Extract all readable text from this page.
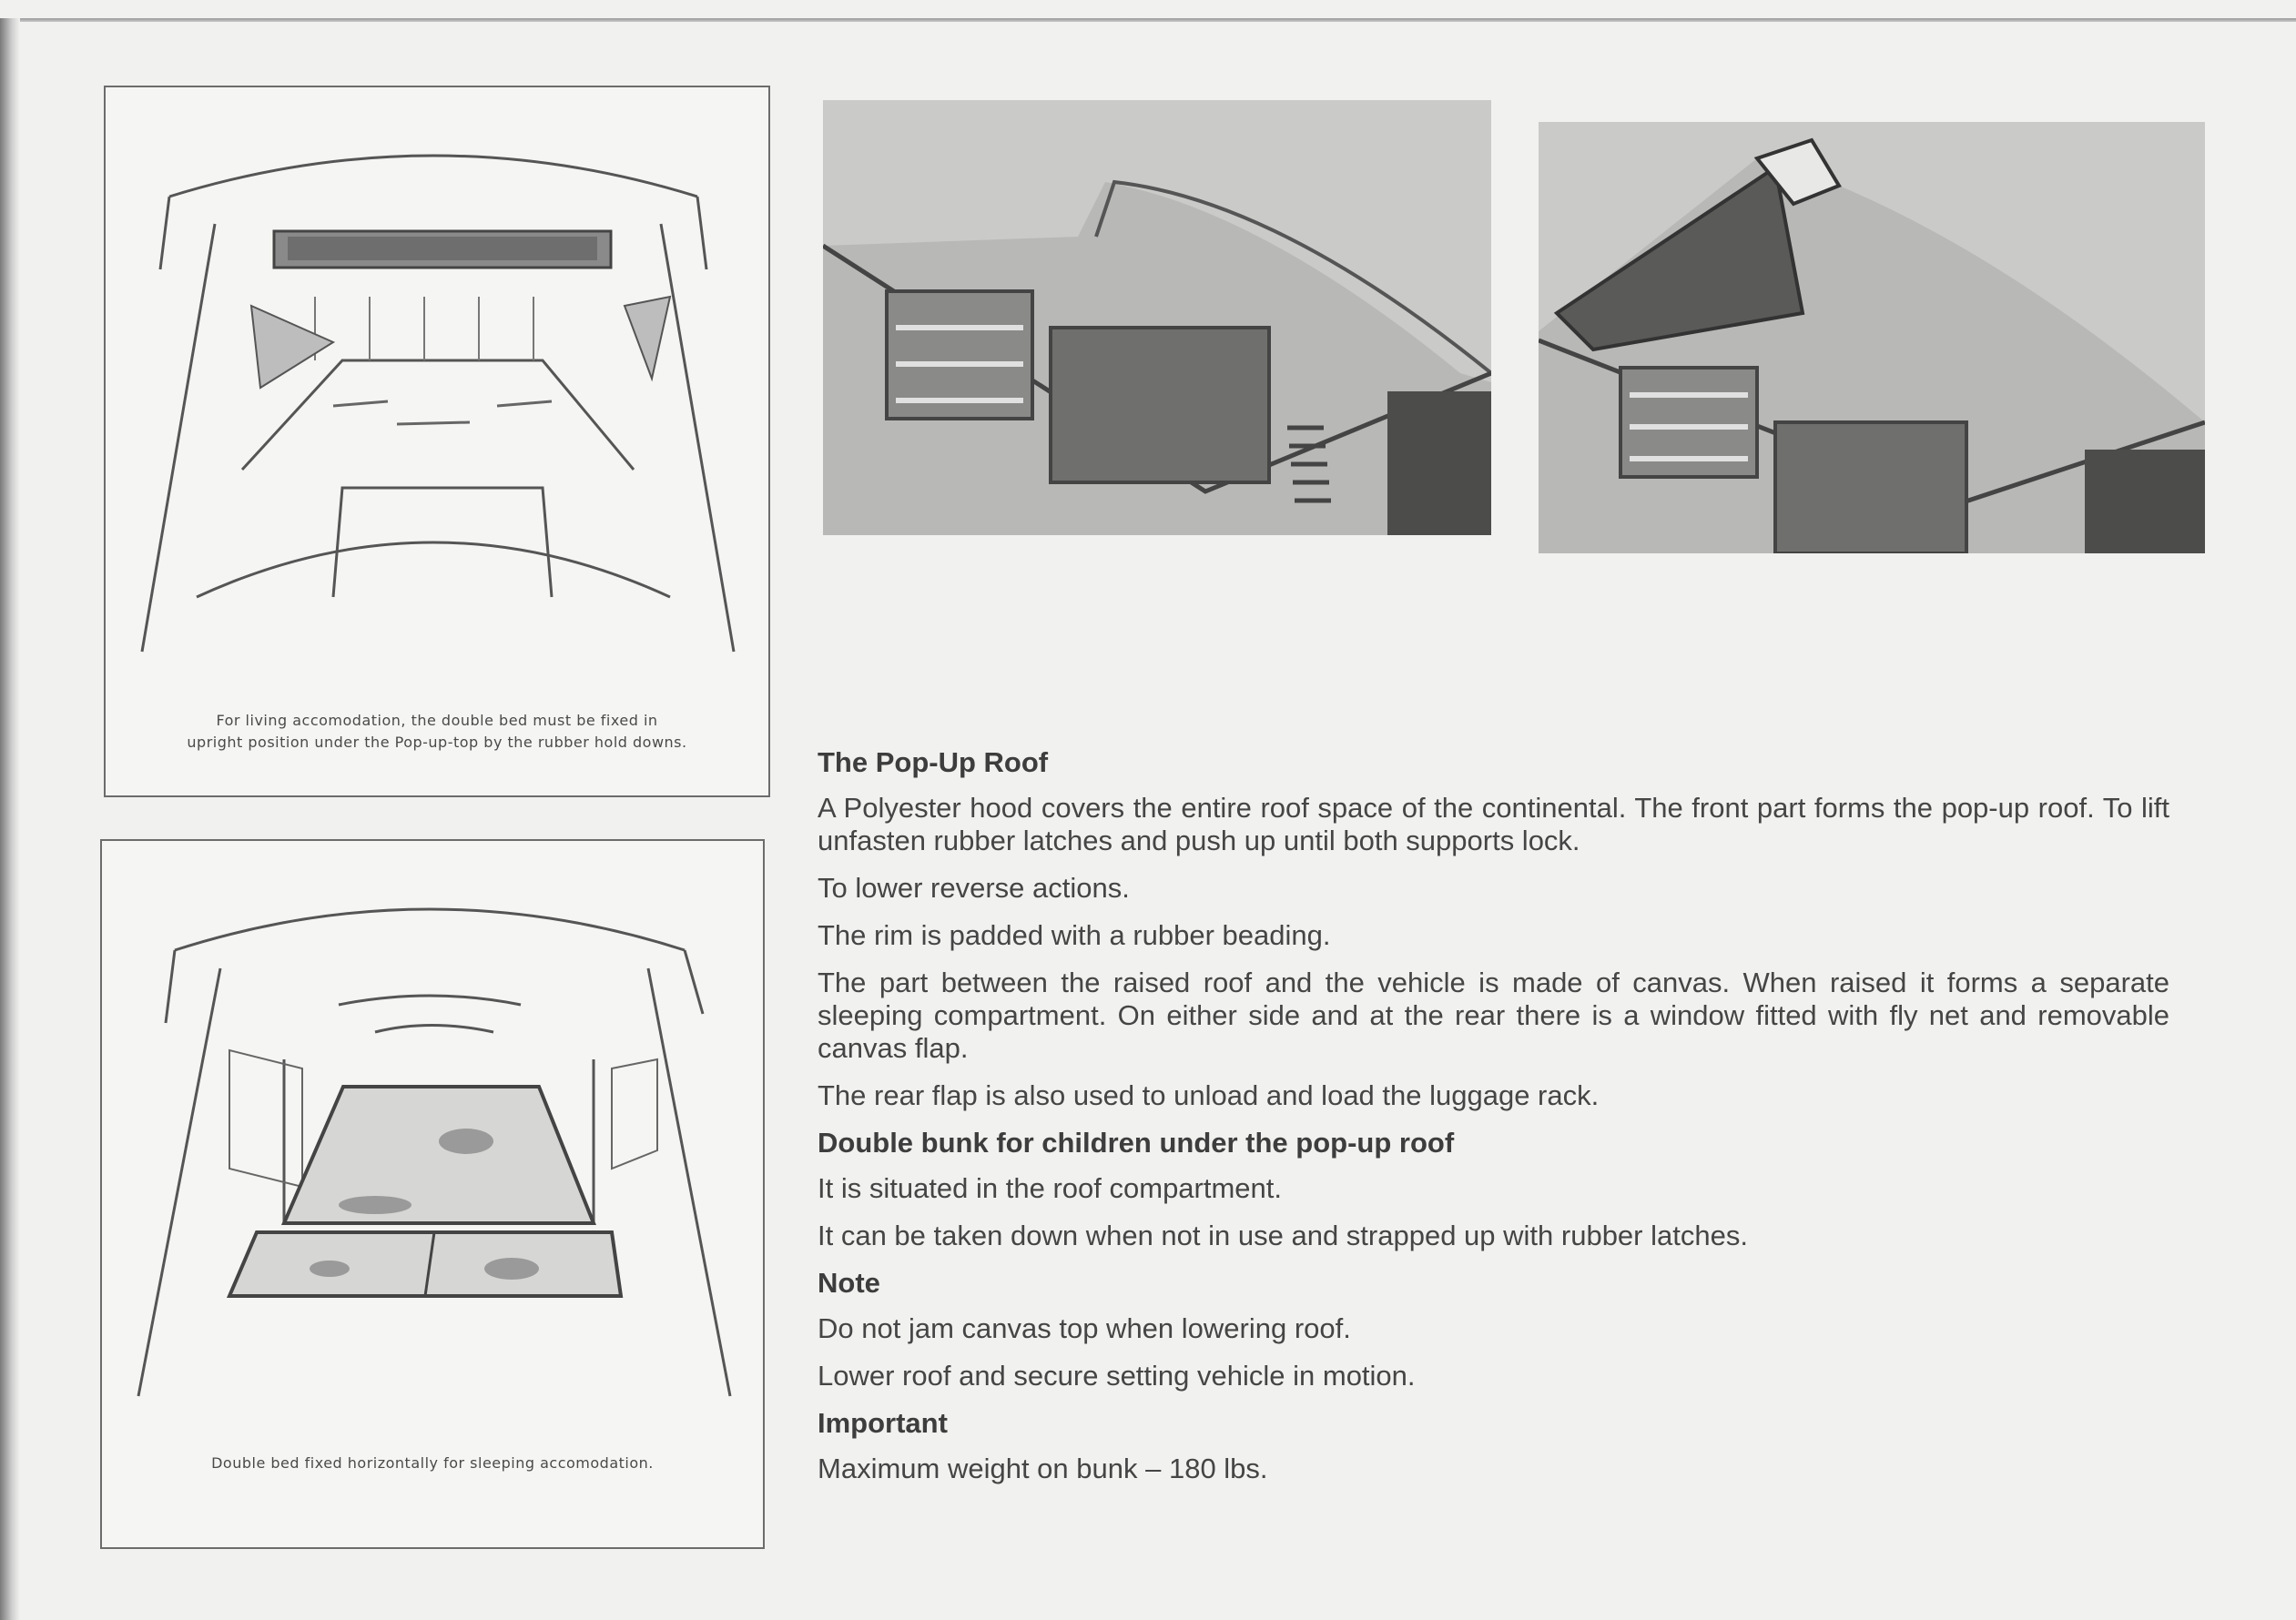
For living accomodation, the double bed must be fixed in
upright position under the Pop-up-top by the rubber hold downs.
Double bed fixed horizontally for sleeping accomodation.
The Pop-Up Roof

A Polyester hood covers the entire roof space of the continental. The front part forms the pop-up roof. To lift unfasten rubber latches and push up until both supports lock.

To lower reverse actions.

The rim is padded with a rubber beading.

The part between the raised roof and the vehicle is made of canvas. When raised it forms a separate sleeping compartment. On either side and at the rear there is a window fitted with fly net and removable canvas flap.

The rear flap is also used to unload and load the luggage rack.

Double bunk for children under the pop-up roof

It is situated in the roof compartment.

It can be taken down when not in use and strapped up with rubber latches.

Note

Do not jam canvas top when lowering roof.

Lower roof and secure setting vehicle in motion.

Important

Maximum weight on bunk – 180 lbs.
